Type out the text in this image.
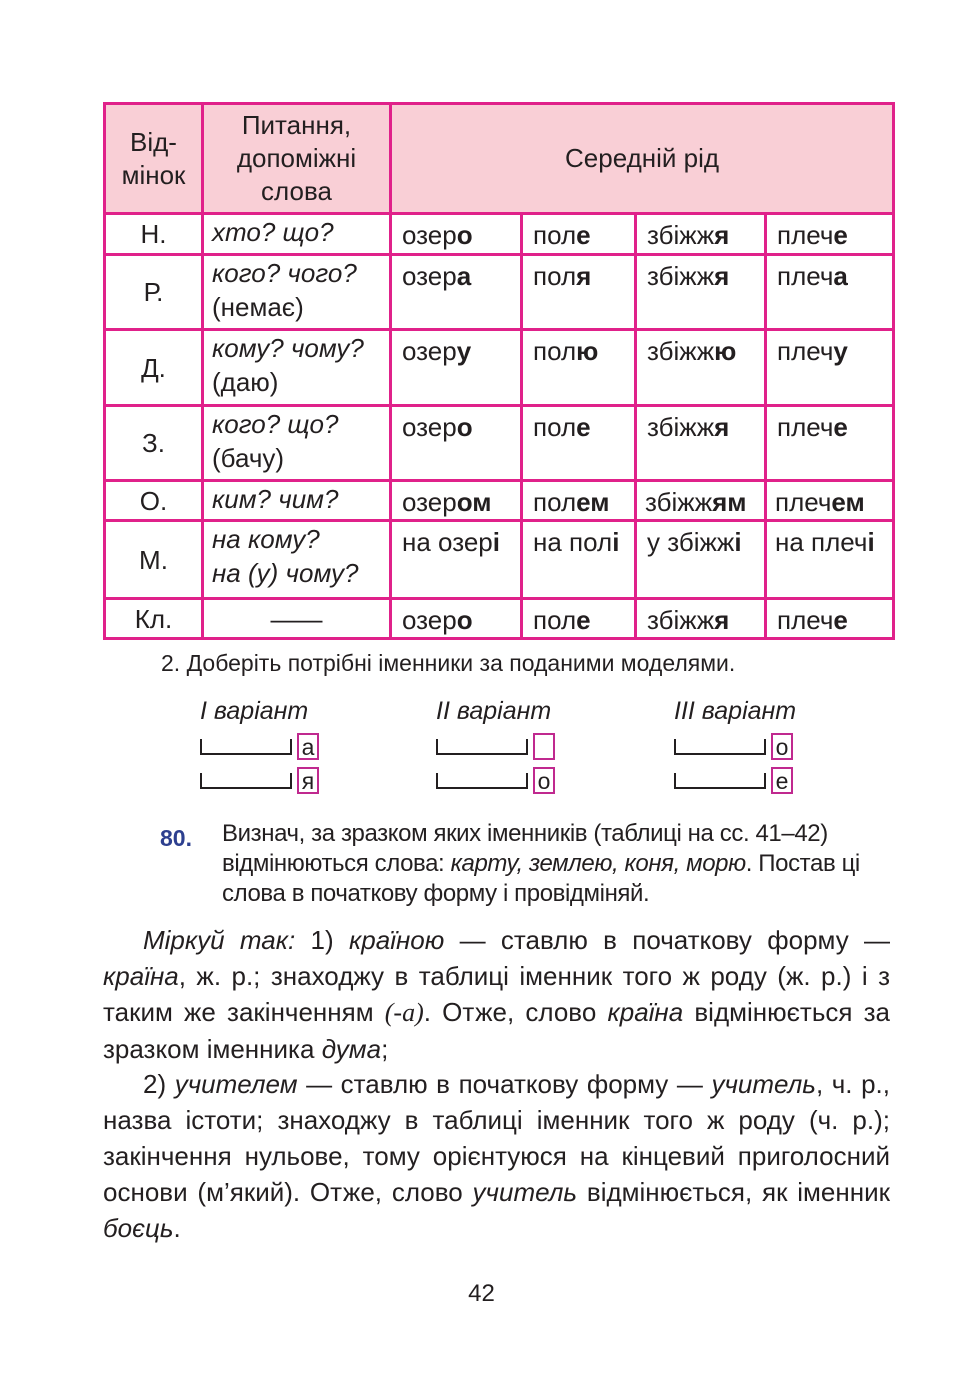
Від-
мінок	Питання,
допоміжні
слова	Середній рід			
Н.	хто? що?	озеро	поле	збіжжя	плече
Р.	кого? чого?
(немає)	озера	поля	збіжжя	плеча
Д.	кому? чому?
(даю)	озеру	полю	збіжжю	плечу
З.	кого? що?
(бачу)	озеро	поле	збіжжя	плече
О.	ким? чим?	озером	полем	збіжжям	плечем
М.	на кому?
на (у) чому?	на озері	на полі	у збіжжі	на плечі
Кл.	——	озеро	поле	збіжжя	плече

2. Доберіть потрібні іменники за поданими моделями.

I варіант
а
я
II варіант
о
III варіант
о
е
80. Визнач, за зразком яких іменників (таблиці на сс. 41–42) відмінюються слова: карту, землею, коня, морю. Постав ці слова в початкову форму і провідміняй.

Міркуй так: 1) країною — ставлю в початкову форму — країна, ж. р.; знаходжу в таблиці іменник того ж роду (ж. р.) і з таким же закінченням (-а). Отже, слово країна відмінюється за зразком іменника дума;

2) учителем — ставлю в початкову форму — учитель, ч. р., назва істоти; знаходжу в таблиці іменник того ж роду (ч. р.); закінчення нульове, тому орієнтуюся на кінцевий приголосний основи (м’який). Отже, слово учитель відмінюється, як іменник боєць.

42
